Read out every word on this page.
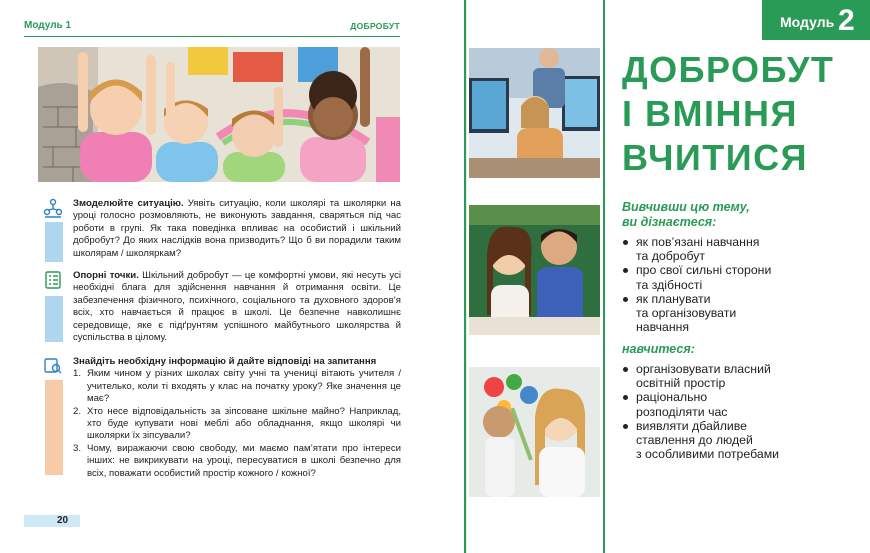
Модуль 1	ДОБРОБУТ
Змоделюйте ситуацію. Уявіть ситуацію, коли школярі та школярки на уроці голосно розмовляють, не виконують завдання, сваряться під час роботи в групі. Як така поведінка впливає на особистий і шкільний добробут? До яких наслідків вона призводить? Що б ви порадили таким школярам / школяркам?
Опорні точки. Шкільний добробут — це комфортні умови, які несуть усі необхідні блага для здійснення навчання й отримання освіти. Це забезпечення фізичного, психічного, соціального та духовного здоров’я всіх, хто навчається й працює в школі. Це безпечне навколишнє середовище, яке є підґрунтям успішного майбутнього школярства й суспільства в цілому.
Знайдіть необхідну інформацію й дайте відповіді на запитання
1. Яким чином у різних школах світу учні та учениці вітають учителя / учителько, коли ті входять у клас на початку уроку? Яке значення це має?
2. Хто несе відповідальність за зіпсоване шкільне майно? Наприклад, хто буде купувати нові меблі або обладнання, якщо школярі чи школярки їх зіпсували?
3. Чому, виражаючи свою свободу, ми маємо пам’ятати про інтереси інших: не викрикувати на уроці, пересуватися в школі безпечно для всіх, поважати особистий простір кожного / кожної?
20
Модуль 2
ДОБРОБУТ
І ВМІННЯ
ВЧИТИСЯ
Вивчивши цю тему,
ви дізнаєтеся:
як пов’язані навчання
та добробут
про свої сильні сторони
та здібності
як планувати
та організовувати
навчання
навчитеся:
організовувати власний
освітній простір
раціонально
розподіляти час
виявляти дбайливе
ставлення до людей
з особливими потребами
